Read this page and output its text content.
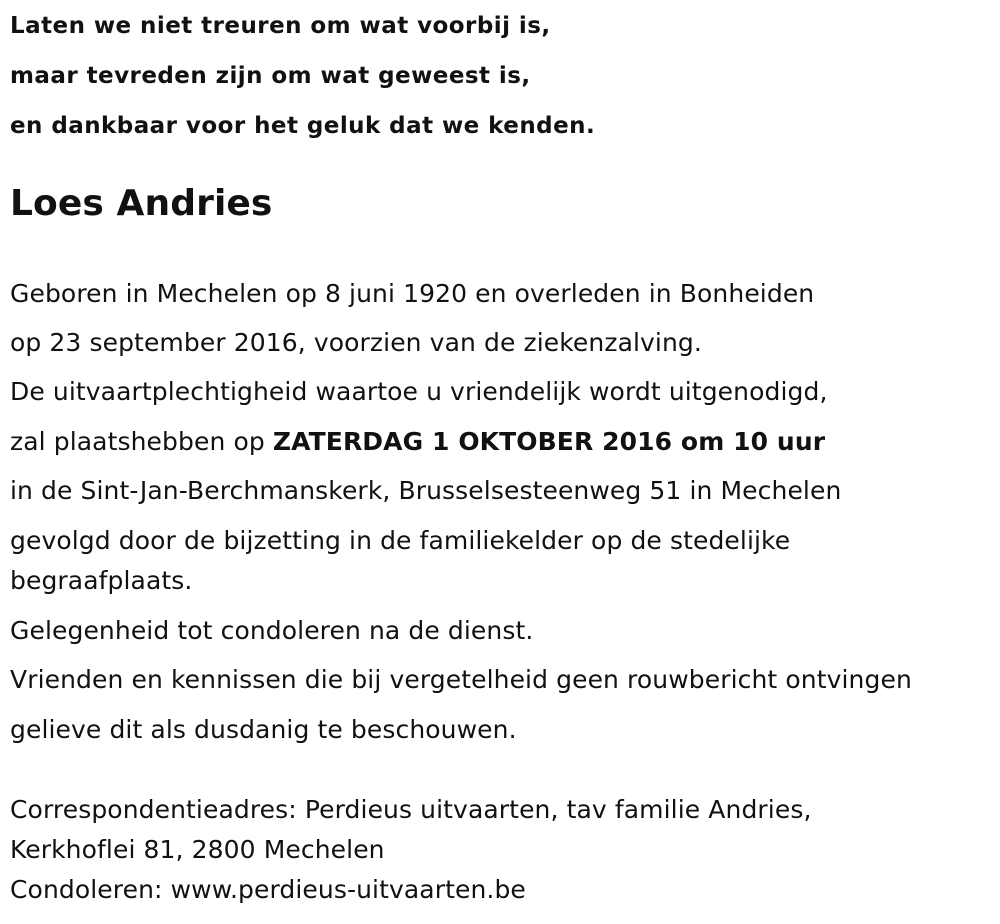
Laten we niet treuren om wat voorbij is,
maar tevreden zijn om wat geweest is,
en dankbaar voor het geluk dat we kenden.
Loes Andries
Geboren in Mechelen op 8 juni 1920 en overleden in Bonheiden
op 23 september 2016, voorzien van de ziekenzalving.
De uitvaartplechtigheid waartoe u vriendelijk wordt uitgenodigd,
zal plaatshebben op ZATERDAG 1 OKTOBER 2016 om 10 uur
in de Sint-Jan-Berchmanskerk, Brusselsesteenweg 51 in Mechelen
gevolgd door de bijzetting in de familiekelder op de stedelijke
begraafplaats.
Gelegenheid tot condoleren na de dienst.
Vrienden en kennissen die bij vergetelheid geen rouwbericht ontvingen
gelieve dit als dusdanig te beschouwen.
Correspondentieadres: Perdieus uitvaarten, tav familie Andries,
Kerkhoflei 81, 2800 Mechelen
Condoleren: www.perdieus-uitvaarten.be
